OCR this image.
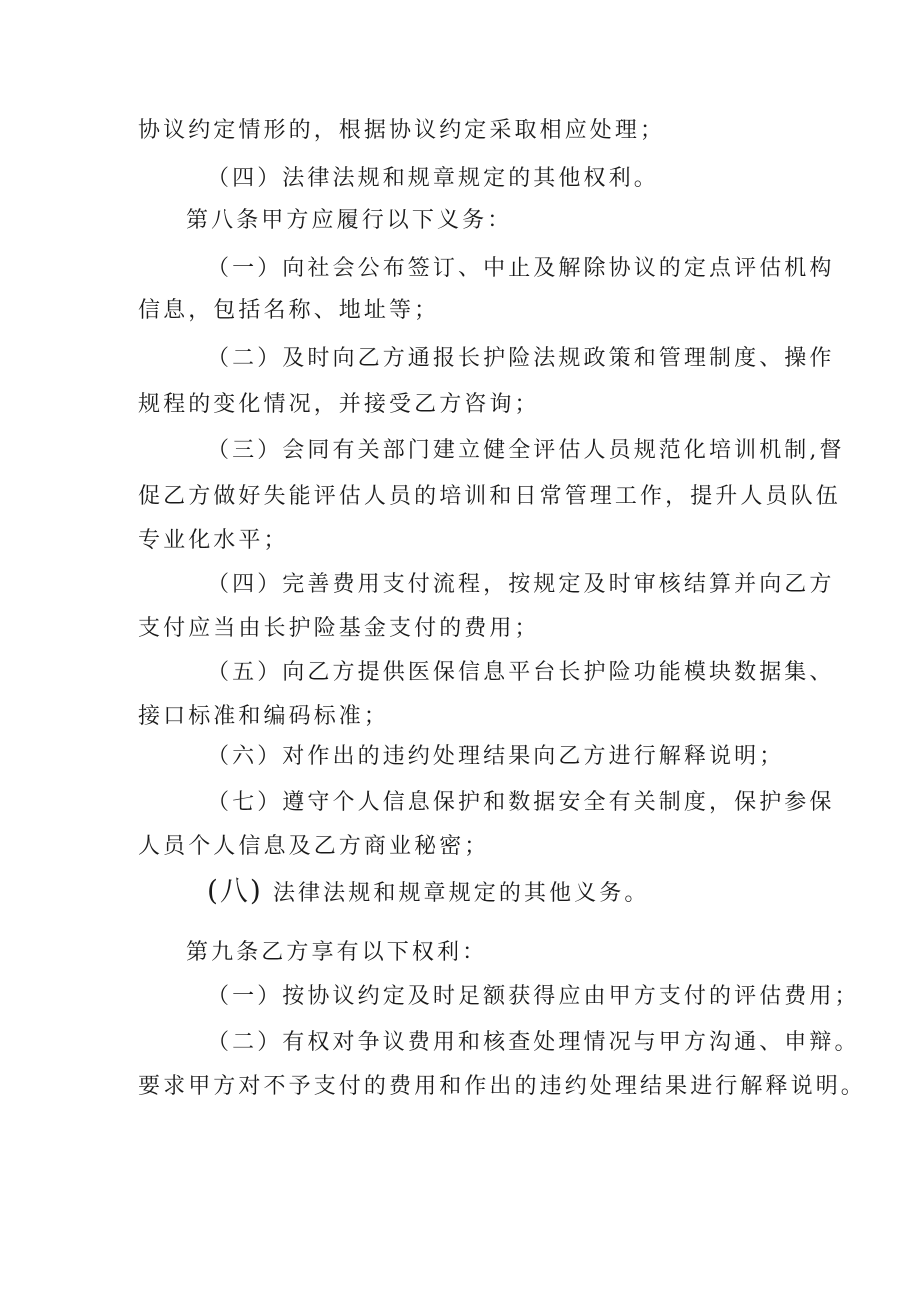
协议约定情形的，根据协议约定采取相应处理；
（四）法律法规和规章规定的其他权利。
第八条甲方应履行以下义务：
（一）向社会公布签订、中止及解除协议的定点评估机构
信息，包括名称、地址等；
（二）及时向乙方通报长护险法规政策和管理制度、操作
规程的变化情况，并接受乙方咨询；
（三）会同有关部门建立健全评估人员规范化培训机制,督
促乙方做好失能评估人员的培训和日常管理工作，提升人员队伍
专业化水平；
（四）完善费用支付流程，按规定及时审核结算并向乙方
支付应当由长护险基金支付的费用；
（五）向乙方提供医保信息平台长护险功能模块数据集、
接口标准和编码标准；
（六）对作出的违约处理结果向乙方进行解释说明；
（七）遵守个人信息保护和数据安全有关制度，保护参保
人员个人信息及乙方商业秘密；
(八) 法律法规和规章规定的其他义务。
第九条乙方享有以下权利：
（一）按协议约定及时足额获得应由甲方支付的评估费用；
（二）有权对争议费用和核查处理情况与甲方沟通、申辩。
要求甲方对不予支付的费用和作出的违约处理结果进行解释说明。
